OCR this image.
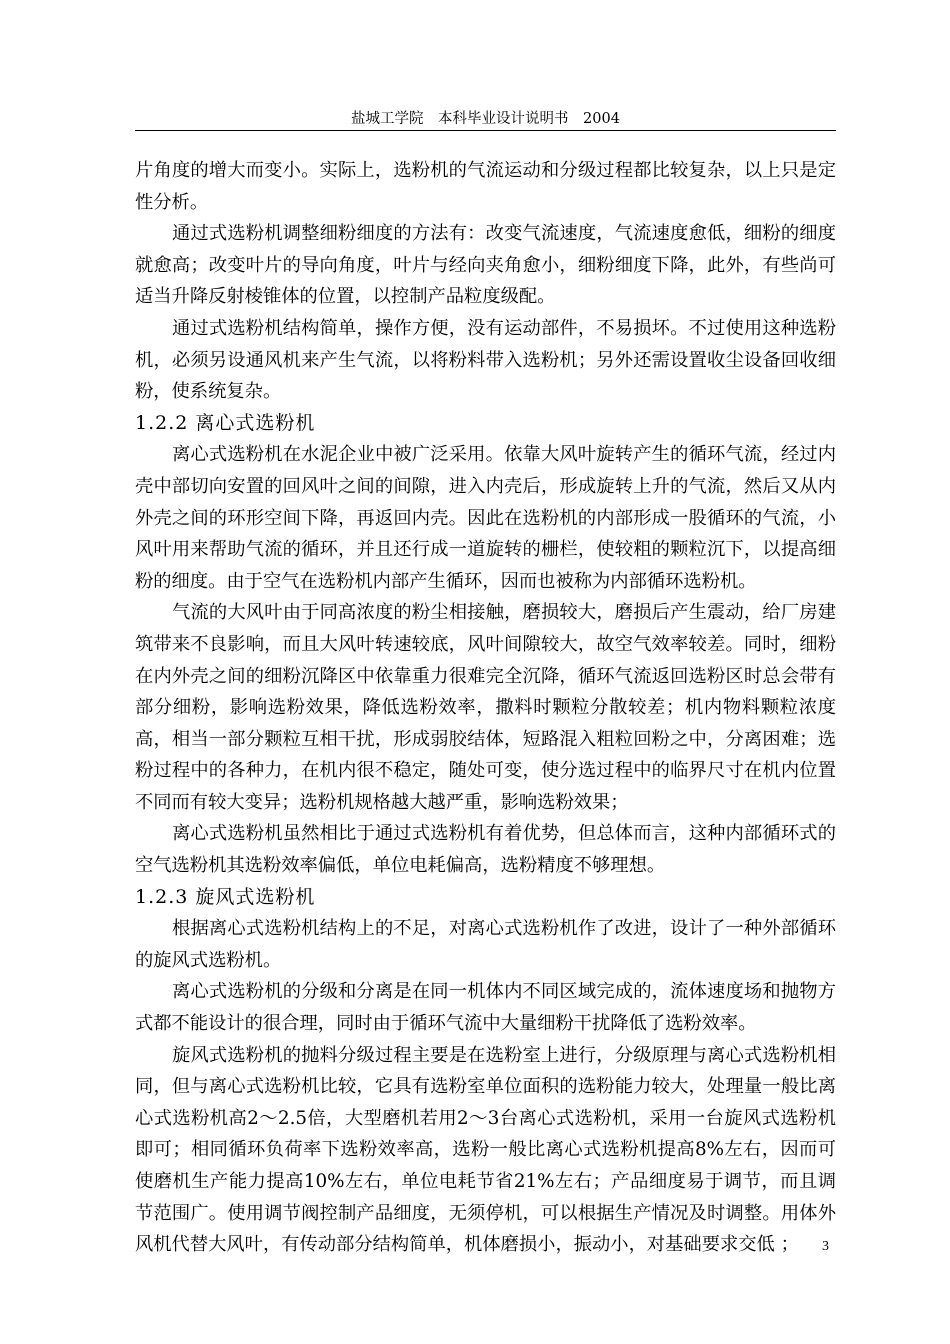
盐城工学院　本科毕业设计说明书　2004

片角度的增大而变小。实际上，选粉机的气流运动和分级过程都比较复杂，以上只是定性分析。

通过式选粉机调整细粉细度的方法有：改变气流速度，气流速度愈低，细粉的细度就愈高；改变叶片的导向角度，叶片与经向夹角愈小，细粉细度下降，此外，有些尚可适当升降反射棱锥体的位置，以控制产品粒度级配。

通过式选粉机结构简单，操作方便，没有运动部件，不易损坏。不过使用这种选粉机，必须另设通风机来产生气流，以将粉料带入选粉机；另外还需设置收尘设备回收细粉，使系统复杂。

1.2.2 离心式选粉机

离心式选粉机在水泥企业中被广泛采用。依靠大风叶旋转产生的循环气流，经过内壳中部切向安置的回风叶之间的间隙，进入内壳后，形成旋转上升的气流，然后又从内外壳之间的环形空间下降，再返回内壳。因此在选粉机的内部形成一股循环的气流，小风叶用来帮助气流的循环，并且还行成一道旋转的栅栏，使较粗的颗粒沉下，以提高细粉的细度。由于空气在选粉机内部产生循环，因而也被称为内部循环选粉机。

气流的大风叶由于同高浓度的粉尘相接触，磨损较大，磨损后产生震动，给厂房建筑带来不良影响，而且大风叶转速较底，风叶间隙较大，故空气效率较差。同时，细粉在内外壳之间的细粉沉降区中依靠重力很难完全沉降，循环气流返回选粉区时总会带有部分细粉，影响选粉效果，降低选粉效率，撒料时颗粒分散较差；机内物料颗粒浓度高，相当一部分颗粒互相干扰，形成弱胶结体，短路混入粗粒回粉之中，分离困难；选粉过程中的各种力，在机内很不稳定，随处可变，使分选过程中的临界尺寸在机内位置不同而有较大变异；选粉机规格越大越严重，影响选粉效果；

离心式选粉机虽然相比于通过式选粉机有着优势，但总体而言，这种内部循环式的空气选粉机其选粉效率偏低，单位电耗偏高，选粉精度不够理想。

1.2.3 旋风式选粉机

根据离心式选粉机结构上的不足，对离心式选粉机作了改进，设计了一种外部循环的旋风式选粉机。

离心式选粉机的分级和分离是在同一机体内不同区域完成的，流体速度场和抛物方式都不能设计的很合理，同时由于循环气流中大量细粉干扰降低了选粉效率。

旋风式选粉机的抛料分级过程主要是在选粉室上进行，分级原理与离心式选粉机相同，但与离心式选粉机比较，它具有选粉室单位面积的选粉能力较大，处理量一般比离心式选粉机高2～2.5倍，大型磨机若用2～3台离心式选粉机，采用一台旋风式选粉机即可；相同循环负荷率下选粉效率高，选粉一般比离心式选粉机提高8%左右，因而可使磨机生产能力提高10%左右，单位电耗节省21%左右；产品细度易于调节，而且调节范围广。使用调节阀控制产品细度，无须停机，可以根据生产情况及时调整。用体外风机代替大风叶，有传动部分结构简单，机体磨损小，振动小，对基础要求交低 ；	3
